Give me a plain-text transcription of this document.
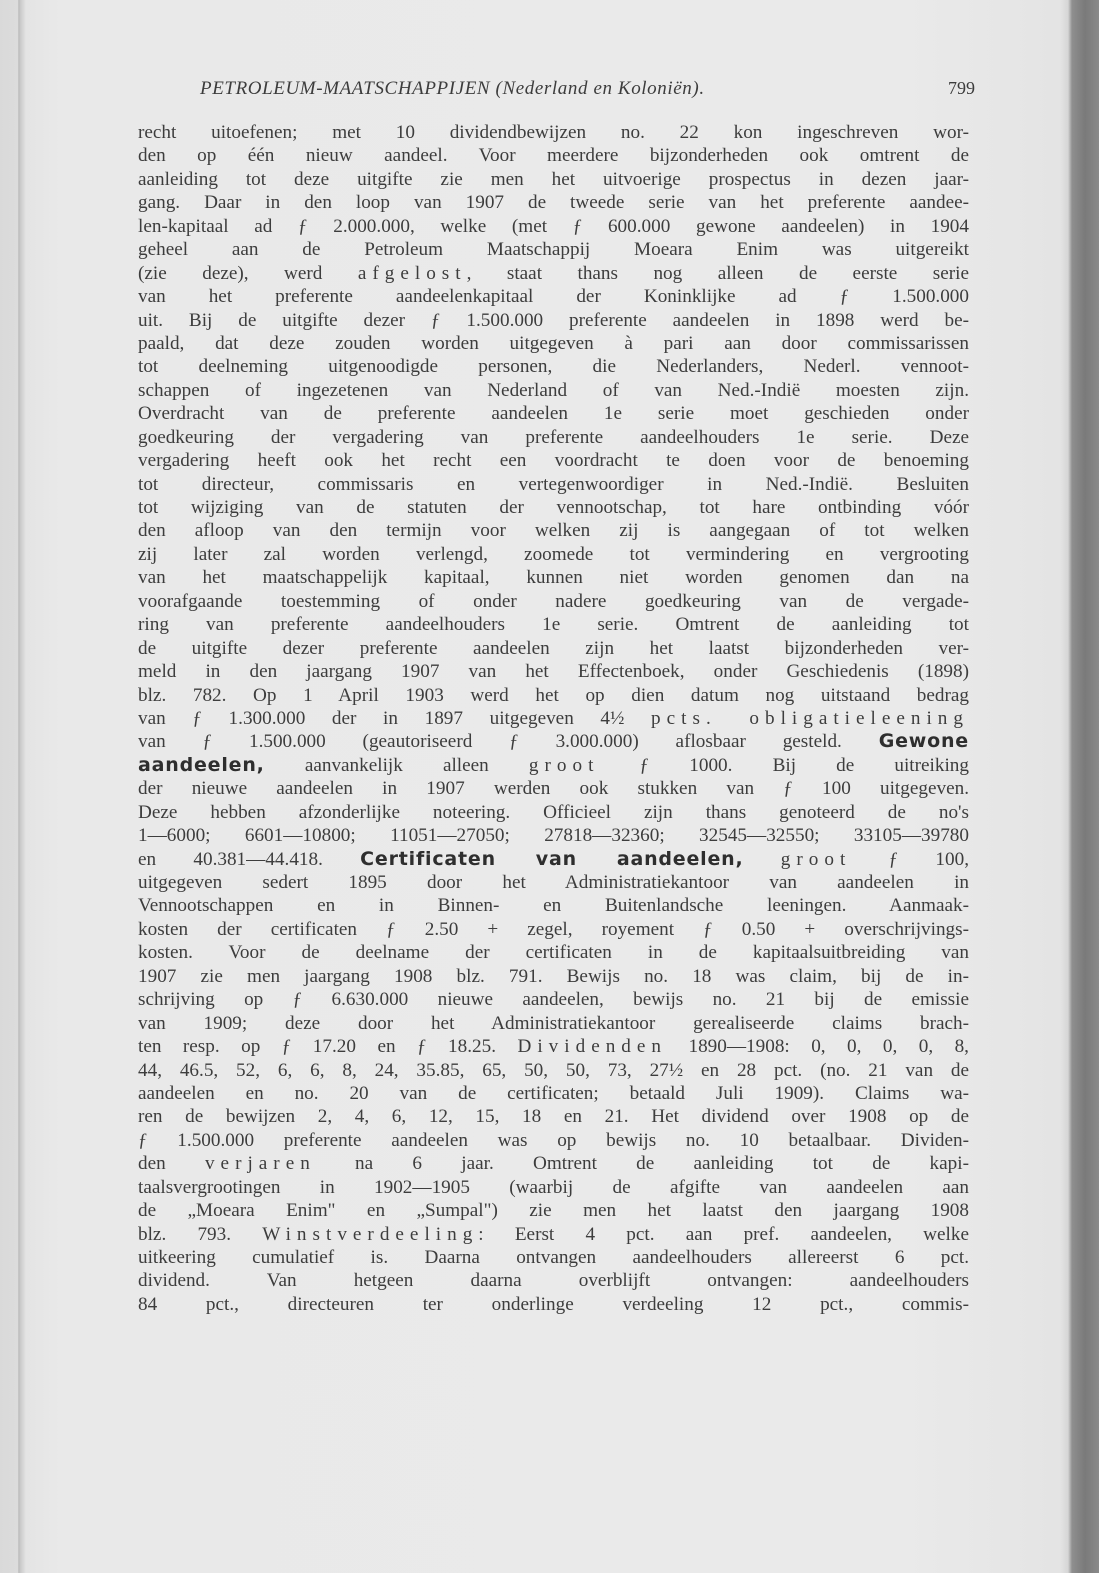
PETROLEUM-MAATSCHAPPIJEN (Nederland en Koloniën).	799
recht uitoefenen; met 10 dividendbewijzen no. 22 kon ingeschreven wor-
den op één nieuw aandeel. Voor meerdere bijzonderheden ook omtrent de
aanleiding tot deze uitgifte zie men het uitvoerige prospectus in dezen jaar-
gang. Daar in den loop van 1907 de tweede serie van het preferente aandee-
len-kapitaal ad ƒ 2.000.000, welke (met ƒ 600.000 gewone aandeelen) in 1904
geheel aan de Petroleum Maatschappij Moeara Enim was uitgereikt
(zie deze), werd afgelost, staat thans nog alleen de eerste serie
van het preferente aandeelenkapitaal der Koninklijke ad ƒ 1.500.000
uit. Bij de uitgifte dezer ƒ 1.500.000 preferente aandeelen in 1898 werd be-
paald, dat deze zouden worden uitgegeven à pari aan door commissarissen
tot deelneming uitgenoodigde personen, die Nederlanders, Nederl. vennoot-
schappen of ingezetenen van Nederland of van Ned.-Indië moesten zijn.
Overdracht van de preferente aandeelen 1e serie moet geschieden onder
goedkeuring der vergadering van preferente aandeelhouders 1e serie. Deze
vergadering heeft ook het recht een voordracht te doen voor de benoeming
tot directeur, commissaris en vertegenwoordiger in Ned.-Indië. Besluiten
tot wijziging van de statuten der vennootschap, tot hare ontbinding vóór
den afloop van den termijn voor welken zij is aangegaan of tot welken
zij later zal worden verlengd, zoomede tot vermindering en vergrooting
van het maatschappelijk kapitaal, kunnen niet worden genomen dan na
voorafgaande toestemming of onder nadere goedkeuring van de vergade-
ring van preferente aandeelhouders 1e serie. Omtrent de aanleiding tot
de uitgifte dezer preferente aandeelen zijn het laatst bijzonderheden ver-
meld in den jaargang 1907 van het Effectenboek, onder Geschiedenis (1898)
blz. 782. Op 1 April 1903 werd het op dien datum nog uitstaand bedrag
van ƒ 1.300.000 der in 1897 uitgegeven 4½ pcts. obligatieleening
van ƒ 1.500.000 (geautoriseerd ƒ 3.000.000) aflosbaar gesteld. Gewone
aandeelen, aanvankelijk alleen groot ƒ 1000. Bij de uitreiking
der nieuwe aandeelen in 1907 werden ook stukken van ƒ 100 uitgegeven.
Deze hebben afzonderlijke noteering. Officieel zijn thans genoteerd de no's
1—6000; 6601—10800; 11051—27050; 27818—32360; 32545—32550; 33105—39780
en 40.381—44.418. Certificaten van aandeelen, groot ƒ 100,
uitgegeven sedert 1895 door het Administratiekantoor van aandeelen in
Vennootschappen en in Binnen- en Buitenlandsche leeningen. Aanmaak-
kosten der certificaten ƒ 2.50 + zegel, royement ƒ 0.50 + overschrijvings-
kosten. Voor de deelname der certificaten in de kapitaalsuitbreiding van
1907 zie men jaargang 1908 blz. 791. Bewijs no. 18 was claim, bij de in-
schrijving op ƒ 6.630.000 nieuwe aandeelen, bewijs no. 21 bij de emissie
van 1909; deze door het Administratiekantoor gerealiseerde claims brach-
ten resp. op ƒ 17.20 en ƒ 18.25. Dividenden 1890—1908: 0, 0, 0, 0, 8,
44, 46.5, 52, 6, 6, 8, 24, 35.85, 65, 50, 50, 73, 27½ en 28 pct. (no. 21 van de
aandeelen en no. 20 van de certificaten; betaald Juli 1909). Claims wa-
ren de bewijzen 2, 4, 6, 12, 15, 18 en 21. Het dividend over 1908 op de
ƒ 1.500.000 preferente aandeelen was op bewijs no. 10 betaalbaar. Dividen-
den verjaren na 6 jaar. Omtrent de aanleiding tot de kapi-
taalsvergrootingen in 1902—1905 (waarbij de afgifte van aandeelen aan
de „Moeara Enim" en „Sumpal") zie men het laatst den jaargang 1908
blz. 793. Winstverdeeling: Eerst 4 pct. aan pref. aandeelen, welke
uitkeering cumulatief is. Daarna ontvangen aandeelhouders allereerst 6 pct.
dividend. Van hetgeen daarna overblijft ontvangen: aandeelhouders
84 pct., directeuren ter onderlinge verdeeling 12 pct., commis-
